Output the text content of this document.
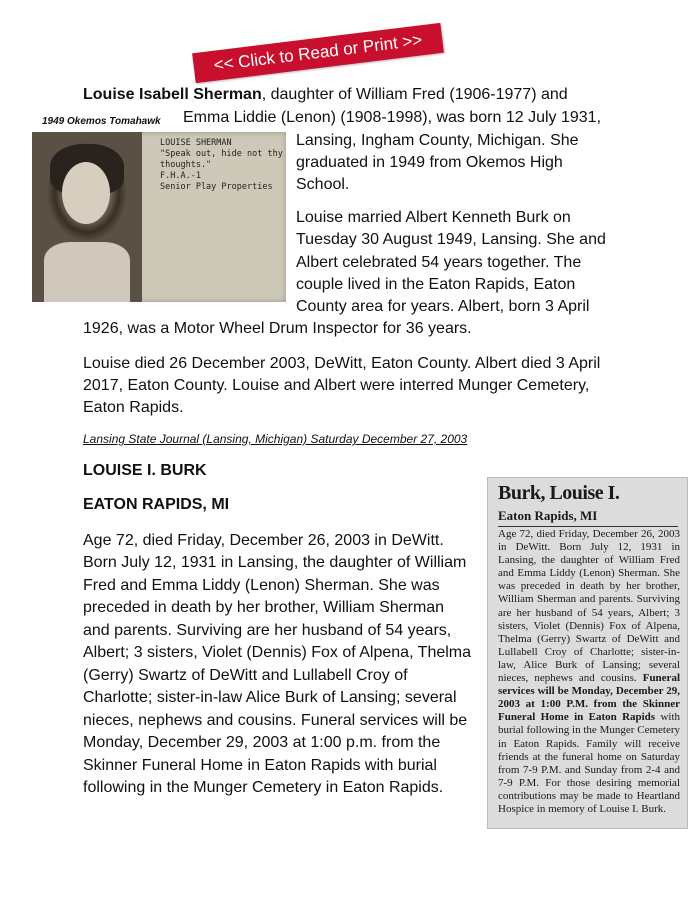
<< Click to Read or Print >>

Louise Isabell Sherman, daughter of William Fred (1906-1977) and

Emma Liddie (Lenon) (1908-1998), was born 12 July 1931,

1949 Okemos Tomahawk
LOUISE SHERMAN
"Speak out, hide not thy
thoughts."
F.H.A.-1
Senior Play Properties

Lansing, Ingham County, Michigan. She

graduated in 1949 from Okemos High

School.

Louise married Albert Kenneth Burk on

Tuesday 30 August 1949, Lansing. She and

Albert celebrated 54 years together. The

couple lived in the Eaton Rapids, Eaton

County area for years. Albert, born 3 April

1926, was a Motor Wheel Drum Inspector for 36 years.

Louise died 26 December 2003, DeWitt, Eaton County. Albert died 3 April

2017, Eaton County. Louise and Albert were interred Munger Cemetery,

Eaton Rapids.

Lansing State Journal (Lansing, Michigan) Saturday December 27, 2003
LOUISE I. BURK
EATON RAPIDS, MI

Age 72, died Friday, December 26, 2003 in DeWitt.

Born July 12, 1931 in Lansing, the daughter of William

Fred and Emma Liddy (Lenon) Sherman. She was

preceded in death by her brother, William Sherman

and parents. Surviving are her husband of 54 years,

Albert; 3 sisters, Violet (Dennis) Fox of Alpena, Thelma

(Gerry) Swartz of DeWitt and Lullabell Croy of

Charlotte; sister-in-law Alice Burk of Lansing; several

nieces, nephews and cousins. Funeral services will be

Monday, December 29, 2003 at 1:00 p.m. from the

Skinner Funeral Home in Eaton Rapids with burial

following in the Munger Cemetery in Eaton Rapids.

Burk, Louise I.
Eaton Rapids, MI
Age 72, died Friday, December 26, 2003 in DeWitt. Born July 12, 1931 in Lansing, the daughter of William Fred and Emma Liddy (Lenon) Sherman. She was preceded in death by her brother, William Sherman and parents. Surviving are her husband of 54 years, Albert; 3 sisters, Violet (Dennis) Fox of Alpena, Thelma (Gerry) Swartz of DeWitt and Lullabell Croy of Charlotte; sister-in-law, Alice Burk of Lansing; several nieces, nephews and cousins. Funeral services will be Monday, December 29, 2003 at 1:00 P.M. from the Skinner Funeral Home in Eaton Rapids with burial following in the Munger Cemetery in Eaton Rapids. Family will receive friends at the funeral home on Saturday from 7-9 P.M. and Sunday from 2-4 and 7-9 P.M. For those desiring memorial contributions may be made to Heartland Hospice in memory of Louise I. Burk.
